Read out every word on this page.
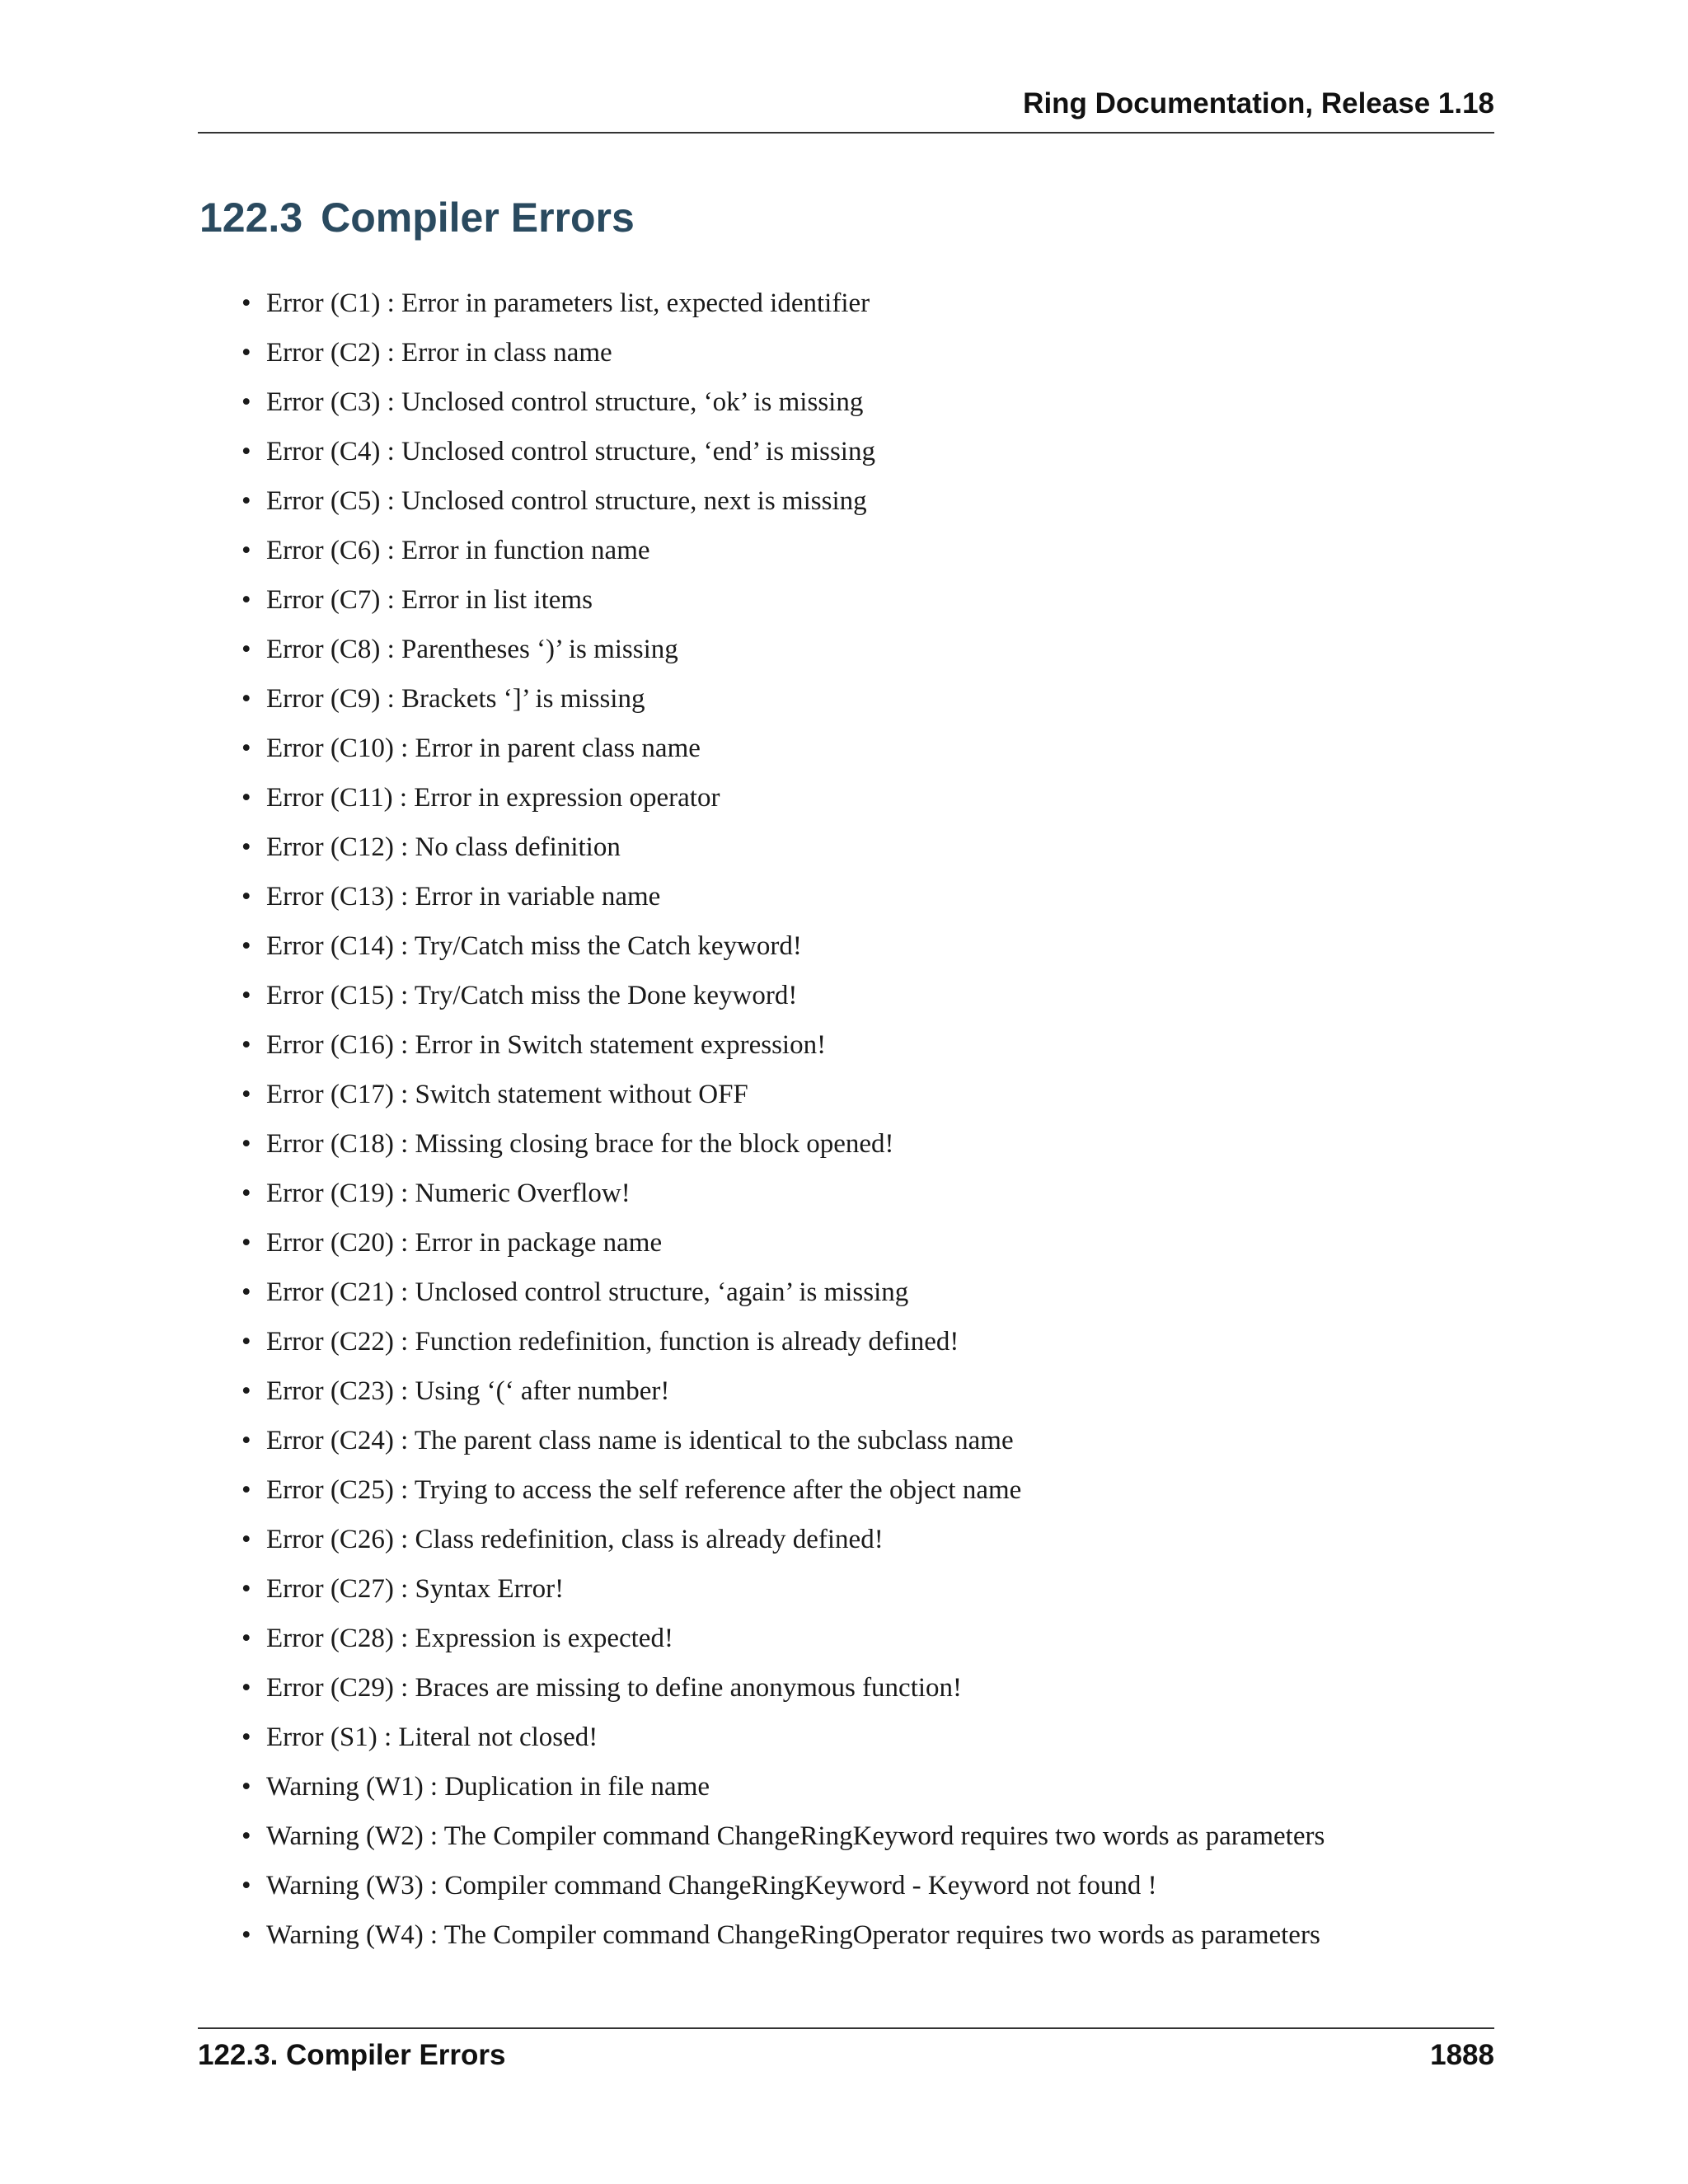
Ring Documentation, Release 1.18
122.3 Compiler Errors
• Error (C1) : Error in parameters list, expected identifier
• Error (C2) : Error in class name
• Error (C3) : Unclosed control structure, ‘ok’ is missing
• Error (C4) : Unclosed control structure, ‘end’ is missing
• Error (C5) : Unclosed control structure, next is missing
• Error (C6) : Error in function name
• Error (C7) : Error in list items
• Error (C8) : Parentheses ‘)’ is missing
• Error (C9) : Brackets ‘]’ is missing
• Error (C10) : Error in parent class name
• Error (C11) : Error in expression operator
• Error (C12) : No class definition
• Error (C13) : Error in variable name
• Error (C14) : Try/Catch miss the Catch keyword!
• Error (C15) : Try/Catch miss the Done keyword!
• Error (C16) : Error in Switch statement expression!
• Error (C17) : Switch statement without OFF
• Error (C18) : Missing closing brace for the block opened!
• Error (C19) : Numeric Overflow!
• Error (C20) : Error in package name
• Error (C21) : Unclosed control structure, ‘again’ is missing
• Error (C22) : Function redefinition, function is already defined!
• Error (C23) : Using ‘(‘ after number!
• Error (C24) : The parent class name is identical to the subclass name
• Error (C25) : Trying to access the self reference after the object name
• Error (C26) : Class redefinition, class is already defined!
• Error (C27) : Syntax Error!
• Error (C28) : Expression is expected!
• Error (C29) : Braces are missing to define anonymous function!
• Error (S1) : Literal not closed!
• Warning (W1) : Duplication in file name
• Warning (W2) : The Compiler command ChangeRingKeyword requires two words as parameters
• Warning (W3) : Compiler command ChangeRingKeyword - Keyword not found !
• Warning (W4) : The Compiler command ChangeRingOperator requires two words as parameters
122.3. Compiler Errors	1888
